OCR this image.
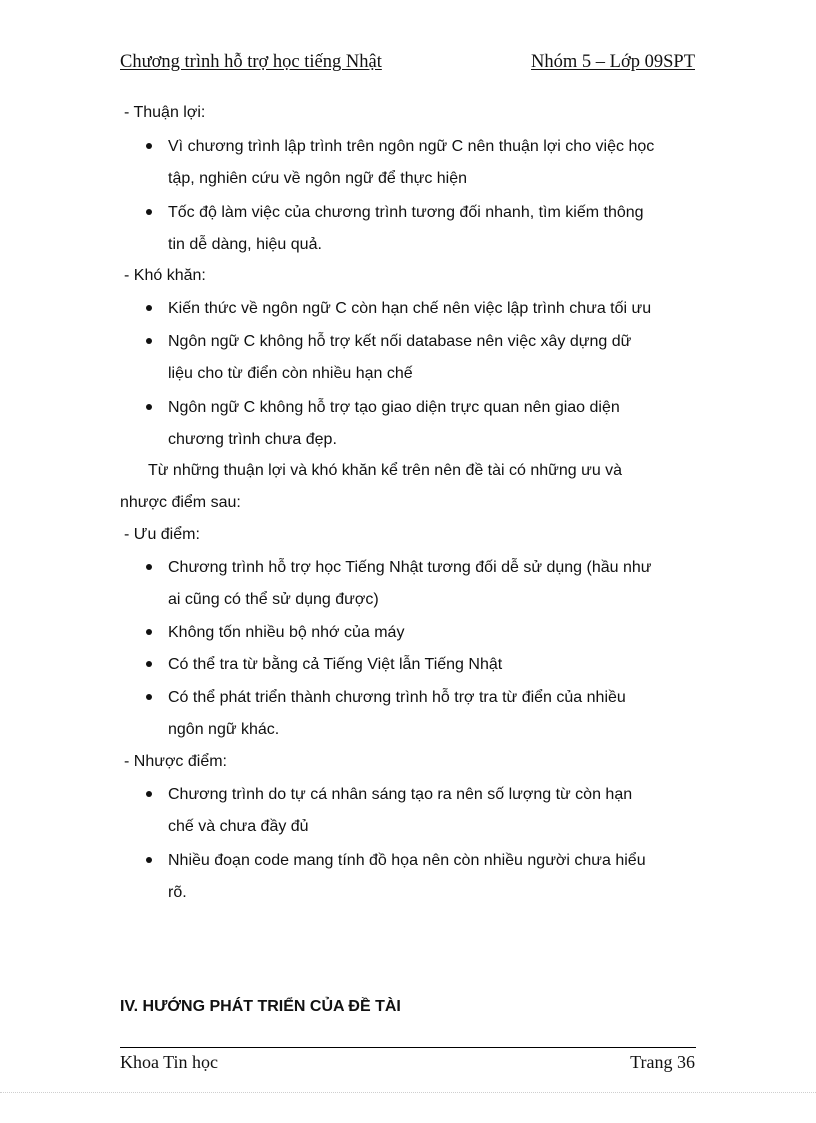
Chương trình hỗ trợ học tiếng Nhật	Nhóm 5 – Lớp 09SPT
- Thuận lợi:
Vì chương trình lập trình trên ngôn ngữ C nên thuận lợi cho việc học
tập, nghiên cứu về ngôn ngữ để thực hiện
Tốc độ làm việc của chương trình tương đối nhanh, tìm kiếm thông
tin dễ dàng, hiệu quả.
- Khó khăn:
Kiến thức về ngôn ngữ C còn hạn chế nên việc lập trình chưa tối ưu
Ngôn ngữ C không hỗ trợ kết nối database nên việc xây dựng dữ
liệu cho từ điển còn nhiều hạn chế
Ngôn ngữ C không hỗ trợ tạo giao diện trực quan nên giao diện
chương trình chưa đẹp.
Từ những thuận lợi và khó khăn kể trên nên đề tài có những ưu và
nhược điểm sau:
- Ưu điểm:
Chương trình hỗ trợ học Tiếng Nhật tương đối dễ sử dụng (hầu như
ai cũng có thể sử dụng được)
Không tốn nhiều bộ nhớ của máy
Có thể tra từ bằng cả Tiếng Việt lẫn Tiếng Nhật
Có thể phát triển thành chương trình hỗ trợ tra từ điển của nhiều
ngôn ngữ khác.
- Nhược điểm:
Chương trình do tự cá nhân sáng tạo ra nên số lượng từ còn hạn
chế và chưa đầy đủ
Nhiều đoạn code mang tính đồ họa nên còn nhiều người chưa hiểu
rõ.
IV. HƯỚNG PHÁT TRIỂN CỦA ĐỀ TÀI
Khoa Tin học	Trang 36
